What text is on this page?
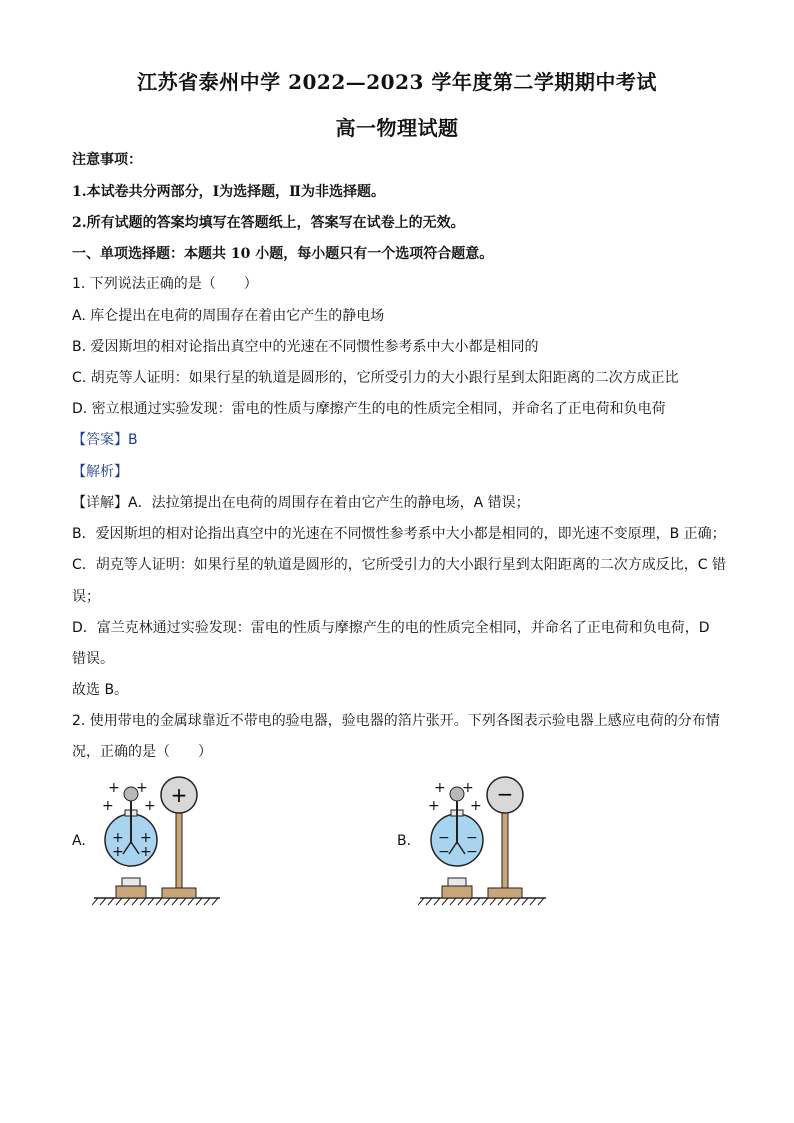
江苏省泰州中学 2022—2023 学年度第二学期期中考试
高一物理试题
注意事项：
1.本试卷共分两部分，Ⅰ为选择题，Ⅱ为非选择题。
2.所有试题的答案均填写在答题纸上，答案写在试卷上的无效。
一、单项选择题：本题共 10 小题，每小题只有一个选项符合题意。
1. 下列说法正确的是（　　）
A. 库仑提出在电荷的周围存在着由它产生的静电场
B. 爱因斯坦的相对论指出真空中的光速在不同惯性参考系中大小都是相同的
C. 胡克等人证明：如果行星的轨道是圆形的，它所受引力的大小跟行星到太阳距离的二次方成正比
D. 密立根通过实验发现：雷电的性质与摩擦产生的电的性质完全相同，并命名了正电荷和负电荷
【答案】B
【解析】
【详解】A．法拉第提出在电荷的周围存在着由它产生的静电场，A 错误；
B．爱因斯坦的相对论指出真空中的光速在不同惯性参考系中大小都是相同的，即光速不变原理，B 正确；
C．胡克等人证明：如果行星的轨道是圆形的，它所受引力的大小跟行星到太阳距离的二次方成反比，C 错
误；
D．富兰克林通过实验发现：雷电的性质与摩擦产生的电的性质完全相同，并命名了正电荷和负电荷，D
错误。
故选 B。
2. 使用带电的金属球靠近不带电的验电器，验电器的箔片张开。下列各图表示验电器上感应电荷的分布情
况，正确的是（　　）
A.
+
+ +
+ +
+ +
+ +
B.
−
+ +
+ +
− −
− −
